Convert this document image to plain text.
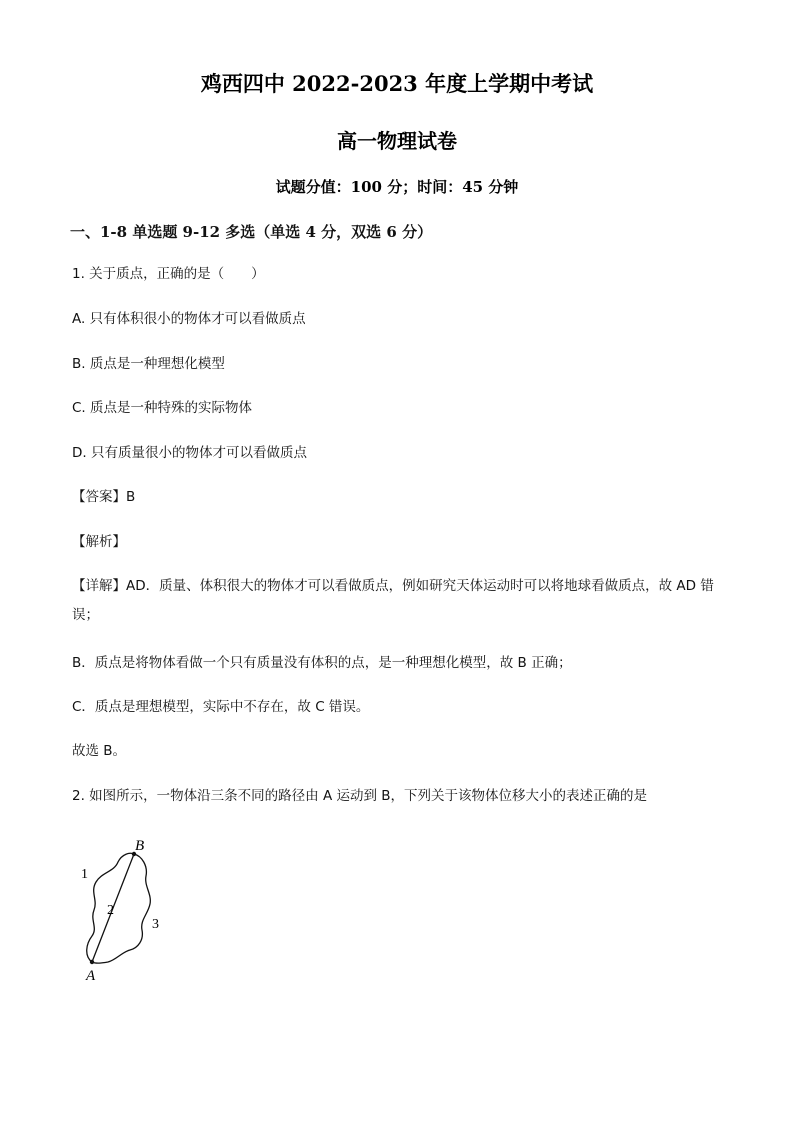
鸡西四中 2022-2023 年度上学期中考试
高一物理试卷
试题分值：100 分；时间：45 分钟
一、1-8 单选题 9-12 多选（单选 4 分，双选 6 分）
1. 关于质点，正确的是（　　）
A. 只有体积很小的物体才可以看做质点
B. 质点是一种理想化模型
C. 质点是一种特殊的实际物体
D. 只有质量很小的物体才可以看做质点
【答案】B
【解析】
【详解】AD．质量、体积很大的物体才可以看做质点，例如研究天体运动时可以将地球看做质点，故 AD 错误；
B．质点是将物体看做一个只有质量没有体积的点，是一种理想化模型，故 B 正确；
C．质点是理想模型，实际中不存在，故 C 错误。
故选 B。
2. 如图所示，一物体沿三条不同的路径由 A 运动到 B，下列关于该物体位移大小的表述正确的是
B
A
1
2
3
